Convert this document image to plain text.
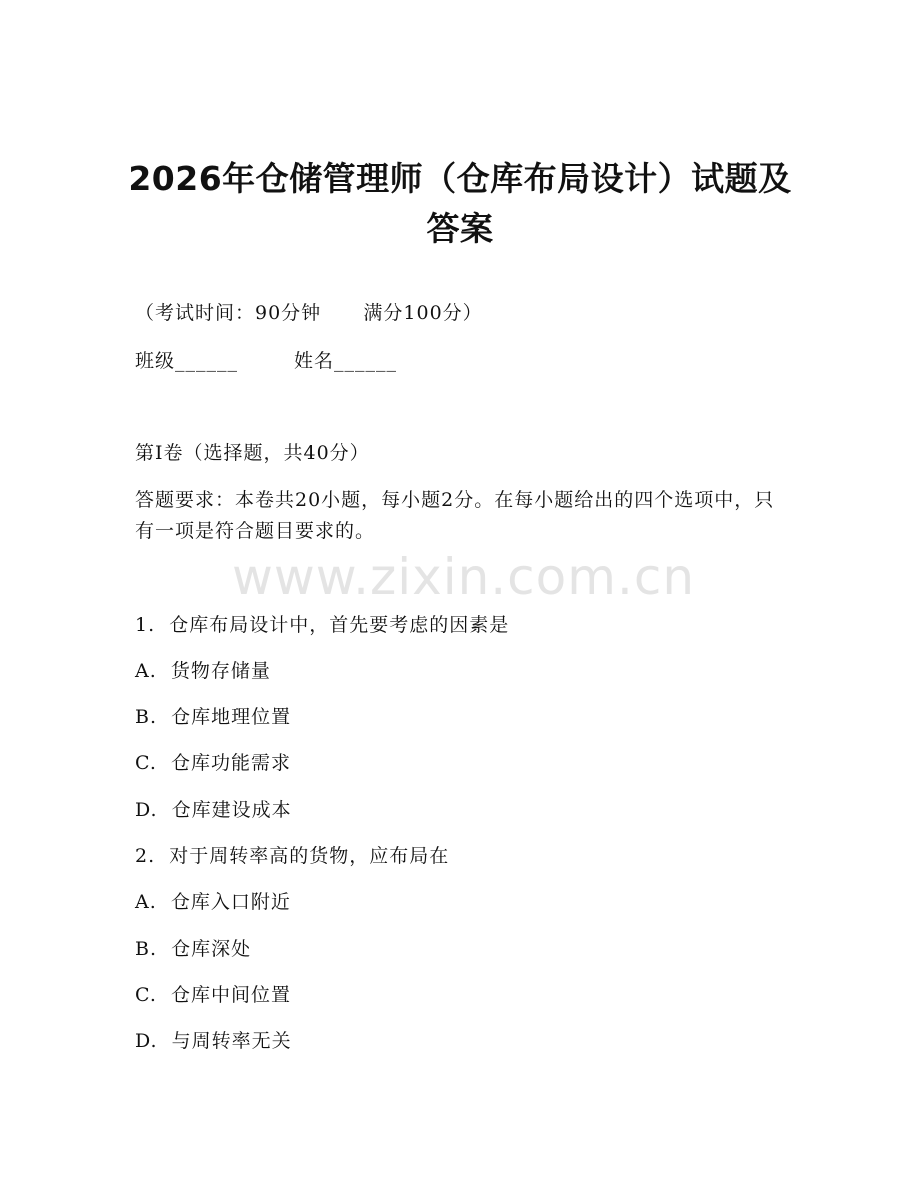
www.zixin.com.cn
2026年仓储管理师（仓库布局设计）试题及
答案
（考试时间：90分钟      满分100分）
班级______	姓名______
第Ⅰ卷（选择题，共40分）
答题要求：本卷共20小题，每小题2分。在每小题给出的四个选项中，只有一项是符合题目要求的。
1.  仓库布局设计中，首先要考虑的因素是
A.  货物存储量
B.  仓库地理位置
C.  仓库功能需求
D.  仓库建设成本
2.  对于周转率高的货物，应布局在
A.  仓库入口附近
B.  仓库深处
C.  仓库中间位置
D.  与周转率无关
